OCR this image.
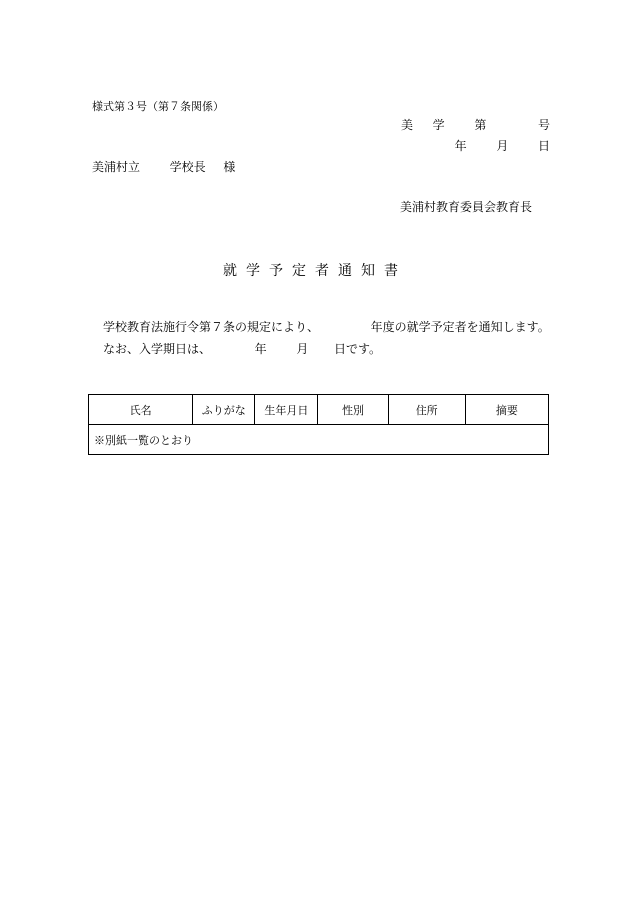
様式第３号（第７条関係）
美 学 第	号
年 月 日
美浦村立 学校長 様
美浦村教育委員会教育長
就学予定者通知書
学校教育法施行令第７条の規定により、	年度の就学予定者を通知します。
なお、入学期日は、	年 月 日です。
氏名	ふりがな	生年月日	性別	住所	摘要
※別紙一覧のとおり
